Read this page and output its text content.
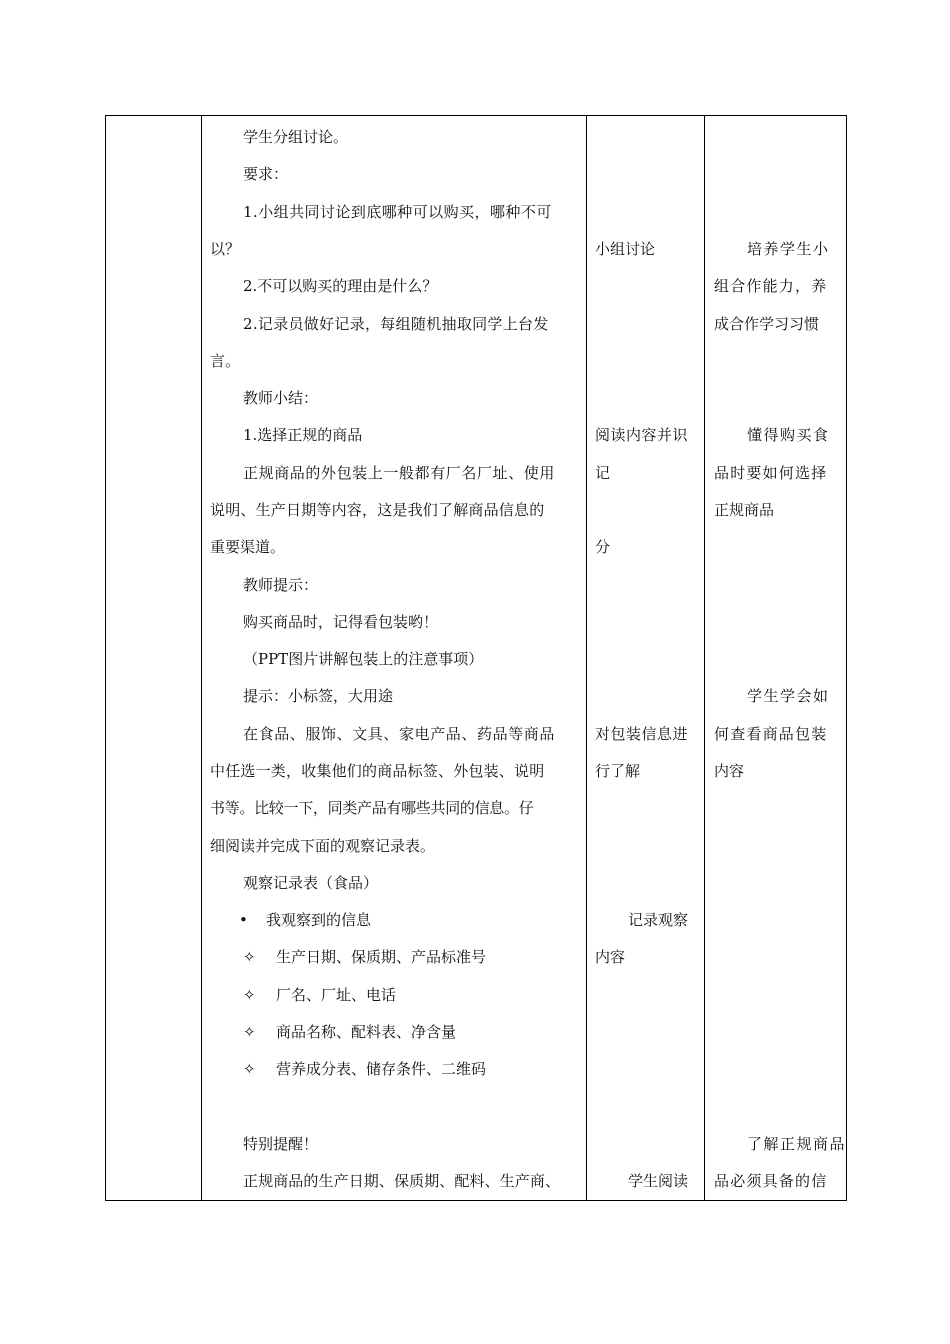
学生分组讨论。
要求：
1.小组共同讨论到底哪种可以购买，哪种不可
以？
2.不可以购买的理由是什么？
2.记录员做好记录，每组随机抽取同学上台发
言。
教师小结：
1.选择正规的商品
正规商品的外包装上一般都有厂名厂址、使用
说明、生产日期等内容，这是我们了解商品信息的
重要渠道。
教师提示：
购买商品时，记得看包装哟！
（PPT图片讲解包装上的注意事项）
提示：小标签，大用途
在食品、服饰、文具、家电产品、药品等商品
中任选一类，收集他们的商品标签、外包装、说明
书等。比较一下，同类产品有哪些共同的信息。仔
细阅读并完成下面的观察记录表。
观察记录表（食品）
• 我观察到的信息
✧ 生产日期、保质期、产品标准号
✧ 厂名、厂址、电话
✧ 商品名称、配料表、净含量
✧ 营养成分表、储存条件、二维码
特别提醒！
正规商品的生产日期、保质期、配料、生产商、
小组讨论
阅读内容并识
记
分
对包装信息进
行了解
记录观察
内容
学生阅读
培养学生小
组合作能力，养
成合作学习习惯
懂得购买食
品时要如何选择
正规商品
学生学会如
何查看商品包装
内容
了解正规商品
品必须具备的信
